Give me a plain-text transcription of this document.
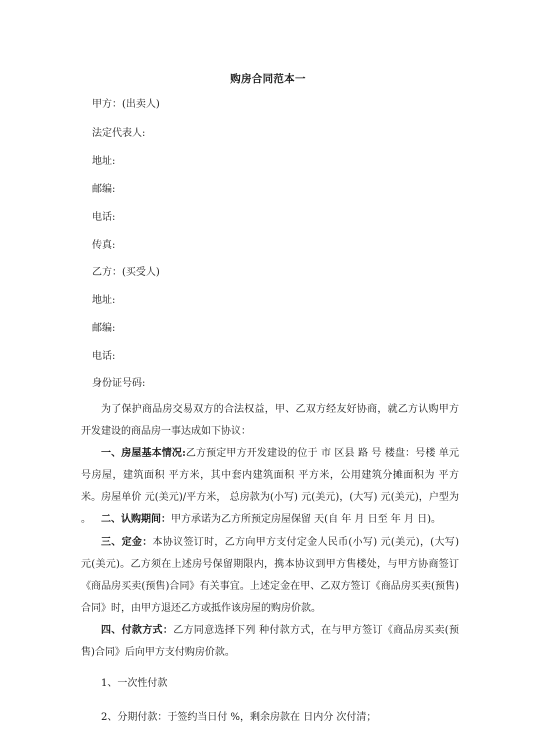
购房合同范本一
甲方：(出卖人)
法定代表人:
地址:
邮编:
电话:
传真:
乙方：(买受人)
地址:
邮编:
电话:
身份证号码:
为了保护商品房交易双方的合法权益，甲、乙双方经友好协商，就乙方认购甲方开发建设的商品房一事达成如下协议：
一、房屋基本情况:乙方预定甲方开发建设的位于 市 区县 路 号 楼盘：号楼 单元 号房屋，建筑面积 平方米，其中套内建筑面积 平方米，公用建筑分摊面积为 平方米。房屋单价 元(美元)/平方米， 总房款为(小写) 元(美元)，(大写) 元(美元)，户型为 。	二、认购期间：甲方承诺为乙方所预定房屋保留 天(自 年 月 日至 年 月 日)。
三、定金：本协议签订时，乙方向甲方支付定金人民币(小写) 元(美元)，(大写) 元(美元)。乙方须在上述房号保留期限内，携本协议到甲方售楼处，与甲方协商签订《商品房买卖(预售)合同》有关事宜。上述定金在甲、乙双方签订《商品房买卖(预售)合同》时，由甲方退还乙方或抵作该房屋的购房价款。
四、付款方式：乙方同意选择下列 种付款方式，在与甲方签订《商品房买卖(预售)合同》后向甲方支付购房价款。
1、一次性付款
2、分期付款：于签约当日付 %，剩余房款在 日内分 次付清；
